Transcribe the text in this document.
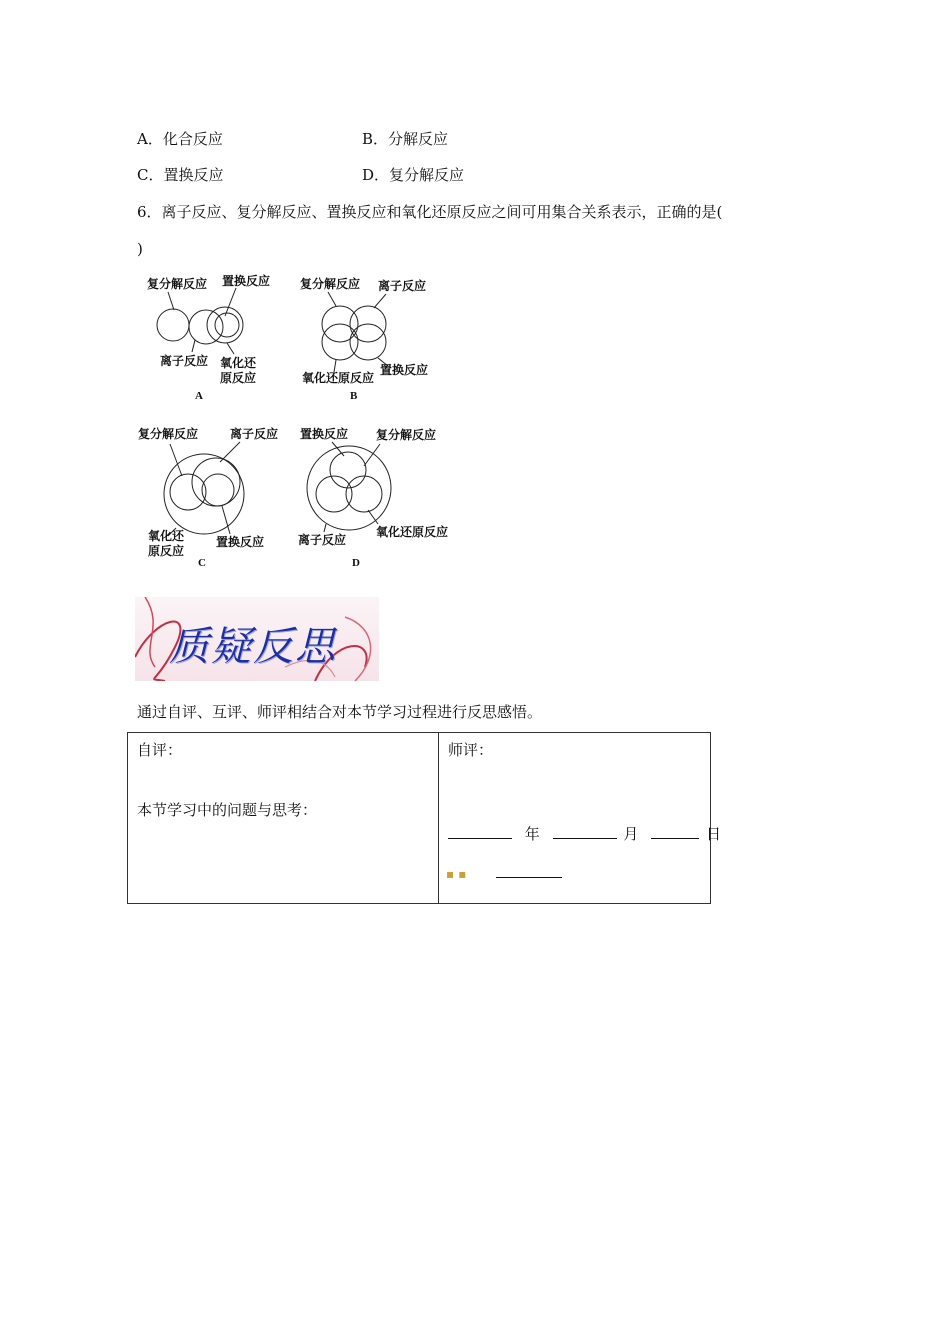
A．化合反应	B．分解反应
C．置换反应	D．复分解反应
6．离子反应、复分解反应、置换反应和氧化还原反应之间可用集合关系表示，正确的是(
)
复分解反应 置换反应
离子反应 氧化还
原反应
A
复分解反应 离子反应
置换反应
氧化还原反应
B
复分解反应	离子反应
氧化还
原反应
置换反应
C
置换反应 复分解反应
氧化还原反应
离子反应
D
质疑反思
通过自评、互评、师评相结合对本节学习过程进行反思感悟。
自评：
本节学习中的问题与思考：
师评：
年	月	日
▪ ▪
